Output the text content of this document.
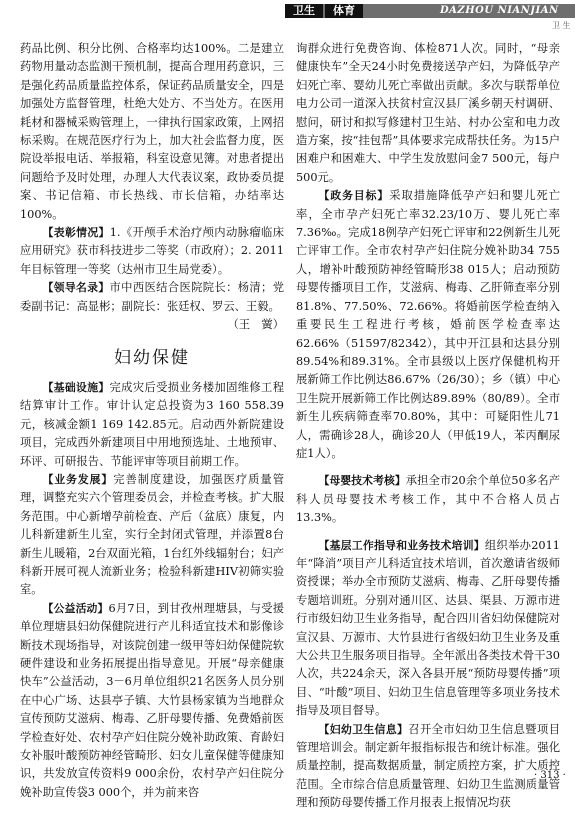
卫生	体育	DAZHOU NIANJIAN
卫 生

药品比例、积分比例、合格率均达100%。二是建立药物用量动态监测干预机制，提高合理用药意识，三是强化药品质量监控体系，保证药品质量安全，四是加强处方监督管理，杜绝大处方、不当处方。在医用耗材和器械采购管理上，一律执行国家政策，上网招标采购。在规范医疗行为上，加大社会监督力度，医院设举报电话、举报箱，科室设意见簿。对患者提出问题给予及时处理，办理人大代表议案，政协委员提案、书记信箱、市长热线、市长信箱，办结率达100%。

【表彰情况】1.《开颅手术治疗颅内动脉瘤临床应用研究》获市科技进步二等奖（市政府）；2. 2011年目标管理一等奖（达州市卫生局党委）。

【领导名录】市中西医结合医院院长：杨清；党委副书记：高显彬；副院长：张廷权、罗云、王毅。

（王　黉）

妇幼保健

【基础设施】完成灾后受损业务楼加固维修工程结算审计工作。审计认定总投资为3 160 558.39元，核减金额1 169 142.85元。启动西外新院建设项目，完成西外新建项目中用地预选址、土地预审、环评、可研报告、节能评审等项目前期工作。

【业务发展】完善制度建设，加强医疗质量管理，调整充实六个管理委员会，并检查考核。扩大服务范围。中心新增孕前检查、产后（盆底）康复，内儿科新建新生儿室，实行全封闭式管理，并添置8台新生儿暖箱，2台双面光箱，1台红外线辐射台；妇产科新开展可视人流新业务；检验科新建HIV初筛实验室。

【公益活动】6月7日，到甘孜州理塘县，与受援单位理塘县妇幼保健院进行产儿科适宜技术和影像诊断技术现场指导，对该院创建一级甲等妇幼保健院软硬件建设和业务拓展提出指导意见。开展“母亲健康快车”公益活动，3－6月单位组织21名医务人员分别在中心广场、达县亭子镇、大竹县杨家镇为当地群众宣传预防艾滋病、梅毒、乙肝母婴传播、免费婚前医学检查好处、农村孕产妇住院分娩补助政策、育龄妇女补服叶酸预防神经管畸形、妇女儿童保健等健康知识，共发放宣传资料9 000余份，农村孕产妇住院分娩补助宣传袋3 000个，并为前来咨

询群众进行免费咨询、体检871人次。同时，“母亲健康快车”全天24小时免费接送孕产妇，为降低孕产妇死亡率、婴幼儿死亡率做出贡献。多次与联帮单位电力公司一道深入扶贫村宣汉县厂溪乡朝天村调研、慰问，研讨和拟写修建村卫生站、村办公室和电力改造方案，按“挂包帮”具体要求完成帮扶任务。为15户困难户和困难大、中学生发放慰问金7 500元，每户500元。

【政务目标】采取措施降低孕产妇和婴儿死亡率，全市孕产妇死亡率32.23/10万、婴儿死亡率7.36‰。完成18例孕产妇死亡评审和22例新生儿死亡评审工作。全市农村孕产妇住院分娩补助34 755人，增补叶酸预防神经管畸形38 015人；启动预防母婴传播项目工作，艾滋病、梅毒、乙肝筛查率分别81.8%、77.50%、72.66%。将婚前医学检查纳入重要民生工程进行考核，婚前医学检查率达62.66%（51597/82342），其中开江县和达县分别89.54%和89.31%。全市县级以上医疗保健机构开展新筛工作比例达86.67%（26/30）；乡（镇）中心卫生院开展新筛工作比例达89.89%（80/89）。全市新生儿疾病筛查率70.80%，其中：可疑阳性儿71人，需确诊28人，确诊20人（甲低19人，苯丙酮尿症1人）。

【母婴技术考核】承担全市20余个单位50多名产科人员母婴技术考核工作，其中不合格人员占13.3%。

【基层工作指导和业务技术培训】组织举办2011年“降消”项目产儿科适宜技术培训，首次邀请省级师资授课；举办全市预防艾滋病、梅毒、乙肝母婴传播专题培训班。分别对通川区、达县、渠县、万源市进行市级妇幼卫生业务指导，配合四川省妇幼保健院对宣汉县、万源市、大竹县进行省级妇幼卫生业务及重大公共卫生服务项目指导。全年派出各类技术骨干30人次，共224余天，深入各县开展“预防母婴传播”项目、“叶酸”项目、妇幼卫生信息管理等多项业务技术指导及项目督导。

【妇幼卫生信息】召开全市妇幼卫生信息暨项目管理培训会。制定新年报指标报告和统计标准。强化质量控制，提高数据质量，制定质控方案，扩大质控范围。全市综合信息质量管理、妇幼卫生监测质量管理和预防母婴传播工作月报表上报情况均获

· 313 ·
